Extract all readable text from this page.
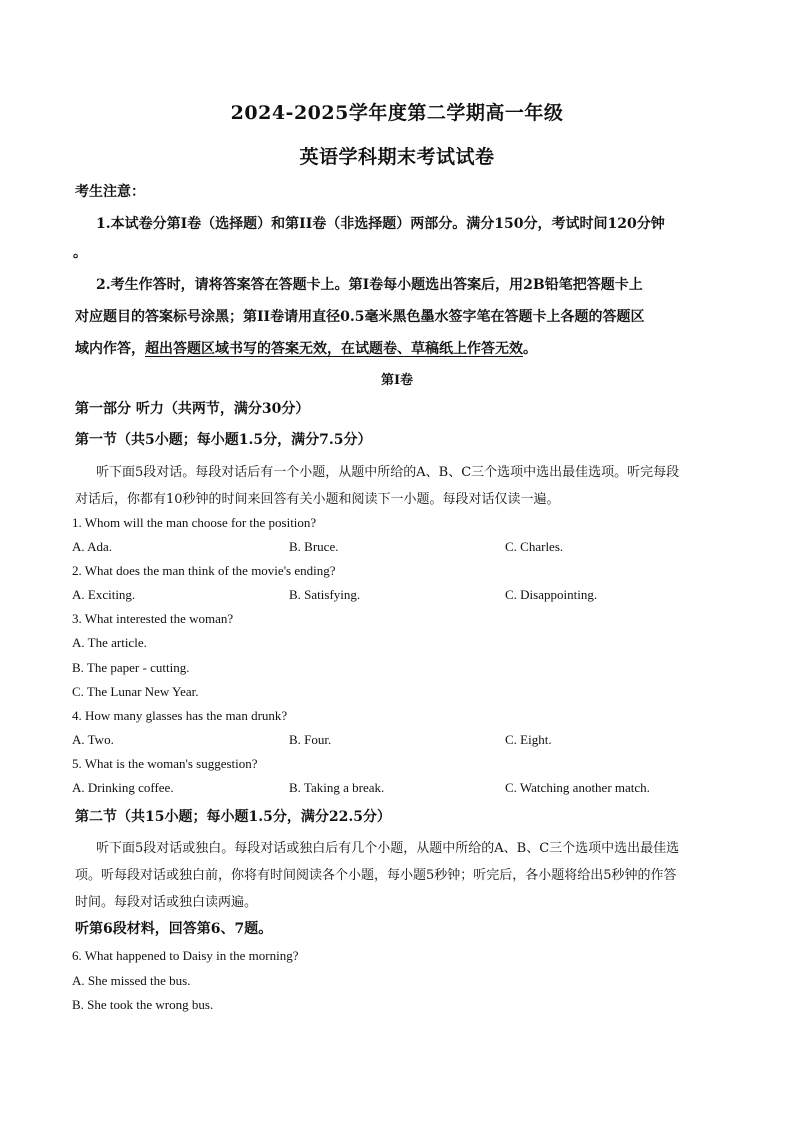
2024-2025学年度第二学期高一年级
英语学科期末考试试卷
考生注意：
1.本试卷分第I卷（选择题）和第II卷（非选择题）两部分。满分150分，考试时间120分钟
。
2.考生作答时，请将答案答在答题卡上。第I卷每小题选出答案后，用2B铅笔把答题卡上
对应题目的答案标号涂黑；第II卷请用直径0.5毫米黑色墨水签字笔在答题卡上各题的答题区
域内作答，超出答题区域书写的答案无效，在试题卷、草稿纸上作答无效。
第I卷
第一部分 听力（共两节，满分30分）
第一节（共5小题；每小题1.5分，满分7.5分）
听下面5段对话。每段对话后有一个小题，从题中所给的A、B、C三个选项中选出最佳选项。听完每段
对话后，你都有10秒钟的时间来回答有关小题和阅读下一小题。每段对话仅读一遍。
1. Whom will the man choose for the position?
A. Ada.	B. Bruce.	C. Charles.
2. What does the man think of the movie's ending?
A. Exciting.	B. Satisfying.	C. Disappointing.
3. What interested the woman?
A. The article.
B. The paper - cutting.
C. The Lunar New Year.
4. How many glasses has the man drunk?
A. Two.	B. Four.	C. Eight.
5. What is the woman's suggestion?
A. Drinking coffee.	B. Taking a break.	C. Watching another match.
第二节（共15小题；每小题1.5分，满分22.5分）
听下面5段对话或独白。每段对话或独白后有几个小题，从题中所给的A、B、C三个选项中选出最佳选
项。听每段对话或独白前，你将有时间阅读各个小题，每小题5秒钟；听完后，各小题将给出5秒钟的作答
时间。每段对话或独白读两遍。
听第6段材料，回答第6、7题。
6. What happened to Daisy in the morning?
A. She missed the bus.
B. She took the wrong bus.
